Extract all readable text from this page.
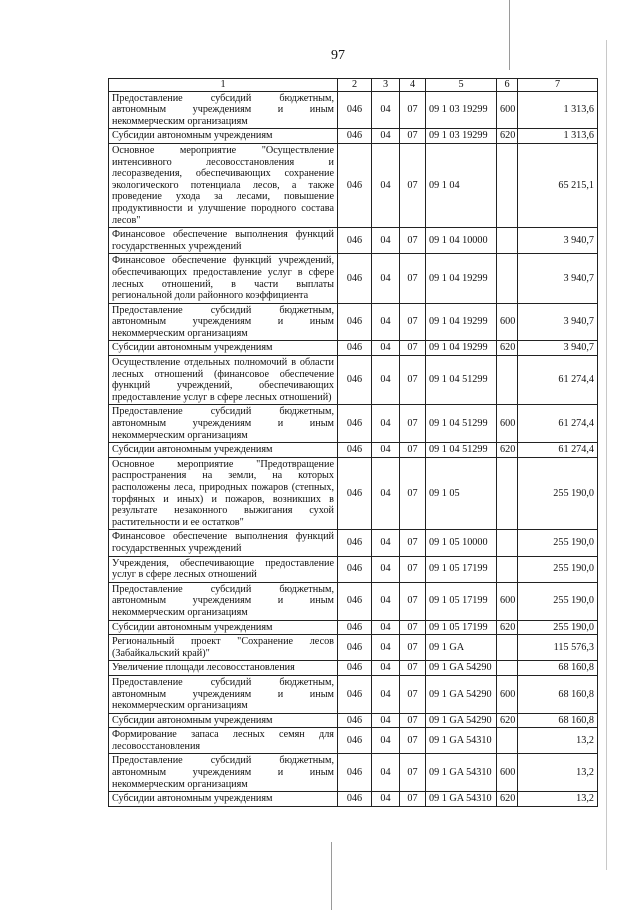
97
1	2	3	4	5	6	7
Предоставление субсидий бюджетным, автономным учреждениям и иным некоммерческим организациям	046	04	07	09 1 03 19299	600	1 313,6
Субсидии автономным учреждениям	046	04	07	09 1 03 19299	620	1 313,6
Основное мероприятие "Осуществление интенсивного лесовосстановления и лесоразведения, обеспечивающих сохранение экологического потенциала лесов, а также проведение ухода за лесами, повышение продуктивности и улучшение породного состава лесов"	046	04	07	09 1 04		65 215,1
Финансовое обеспечение выполнения функций государственных учреждений	046	04	07	09 1 04 10000		3 940,7
Финансовое обеспечение функций учреждений, обеспечивающих предоставление услуг в сфере лесных отношений, в части выплаты региональной доли районного коэффициента	046	04	07	09 1 04 19299		3 940,7
Предоставление субсидий бюджетным, автономным учреждениям и иным некоммерческим организациям	046	04	07	09 1 04 19299	600	3 940,7
Субсидии автономным учреждениям	046	04	07	09 1 04 19299	620	3 940,7
Осуществление отдельных полномочий в области лесных отношений (финансовое обеспечение функций учреждений, обеспечивающих предоставление услуг в сфере лесных отношений)	046	04	07	09 1 04 51299		61 274,4
Предоставление субсидий бюджетным, автономным учреждениям и иным некоммерческим организациям	046	04	07	09 1 04 51299	600	61 274,4
Субсидии автономным учреждениям	046	04	07	09 1 04 51299	620	61 274,4
Основное мероприятие "Предотвращение распространения на земли, на которых расположены леса, природных пожаров (степных, торфяных и иных) и пожаров, возникших в результате незаконного выжигания сухой растительности и ее остатков"	046	04	07	09 1 05		255 190,0
Финансовое обеспечение выполнения функций государственных учреждений	046	04	07	09 1 05 10000		255 190,0
Учреждения, обеспечивающие предоставление услуг в сфере лесных отношений	046	04	07	09 1 05 17199		255 190,0
Предоставление субсидий бюджетным, автономным учреждениям и иным некоммерческим организациям	046	04	07	09 1 05 17199	600	255 190,0
Субсидии автономным учреждениям	046	04	07	09 1 05 17199	620	255 190,0
Региональный проект "Сохранение лесов (Забайкальский край)"	046	04	07	09 1 GA		115 576,3
Увеличение площади лесовосстановления	046	04	07	09 1 GA 54290		68 160,8
Предоставление субсидий бюджетным, автономным учреждениям и иным некоммерческим организациям	046	04	07	09 1 GA 54290	600	68 160,8
Субсидии автономным учреждениям	046	04	07	09 1 GA 54290	620	68 160,8
Формирование запаса лесных семян для лесовосстановления	046	04	07	09 1 GA 54310		13,2
Предоставление субсидий бюджетным, автономным учреждениям и иным некоммерческим организациям	046	04	07	09 1 GA 54310	600	13,2
Субсидии автономным учреждениям	046	04	07	09 1 GA 54310	620	13,2
